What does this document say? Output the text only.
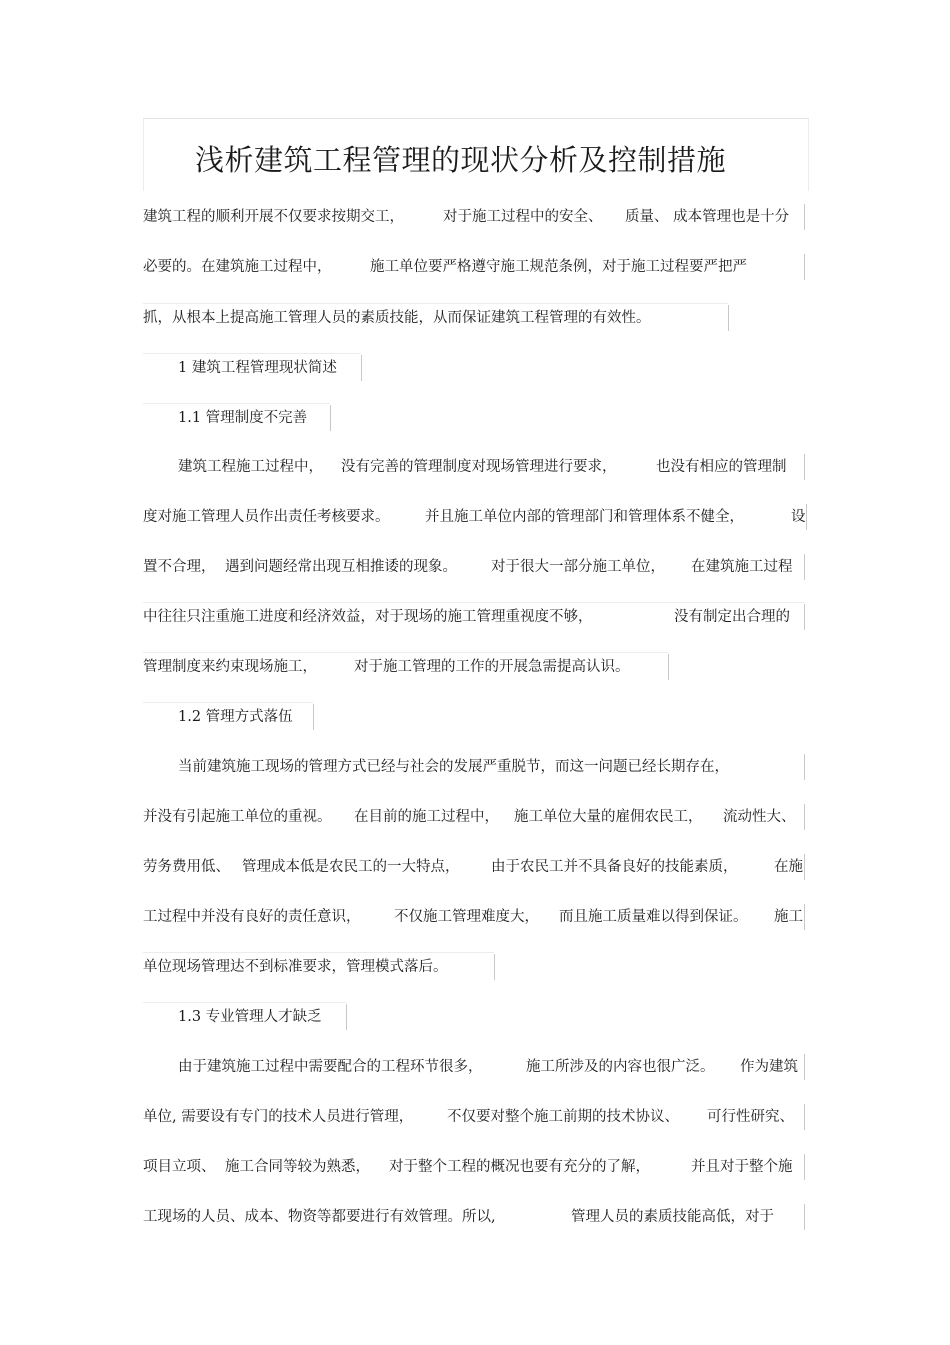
浅析建筑工程管理的现状分析及控制措施
建筑工程的顺利开展不仅要求按期交工，	对于施工过程中的安全、 质量、 成本管理也是十分
必要的。在建筑施工过程中，	施工单位要严格遵守施工规范条例，对于施工过程要严把严
抓，从根本上提高施工管理人员的素质技能，从而保证建筑工程管理的有效性。
1 建筑工程管理现状简述
1.1 管理制度不完善
建筑工程施工过程中， 没有完善的管理制度对现场管理进行要求，	也没有相应的管理制
度对施工管理人员作出责任考核要求。 并且施工单位内部的管理部门和管理体系不健全，	设
置不合理， 遇到问题经常出现互相推诿的现象。 对于很大一部分施工单位， 在建筑施工过程
中往往只注重施工进度和经济效益，对于现场的施工管理重视度不够，	没有制定出合理的
管理制度来约束现场施工，	对于施工管理的工作的开展急需提高认识。
1.2 管理方式落伍
当前建筑施工现场的管理方式已经与社会的发展严重脱节，而这一问题已经长期存在，
并没有引起施工单位的重视。 在目前的施工过程中， 施工单位大量的雇佣农民工， 流动性大、
劳务费用低、 管理成本低是农民工的一大特点， 由于农民工并不具备良好的技能素质，	在施
工过程中并没有良好的责任意识， 不仅施工管理难度大， 而且施工质量难以得到保证。 施工
单位现场管理达不到标准要求，管理模式落后。
1.3 专业管理人才缺乏
由于建筑施工过程中需要配合的工程环节很多，	施工所涉及的内容也很广泛。 作为建筑
单位, 需要设有专门的技术人员进行管理， 不仅要对整个施工前期的技术协议、 可行性研究、
项目立项、 施工合同等较为熟悉， 对于整个工程的概况也要有充分的了解，	并且对于整个施
工现场的人员、成本、物资等都要进行有效管理。所以,	管理人员的素质技能高低，对于
